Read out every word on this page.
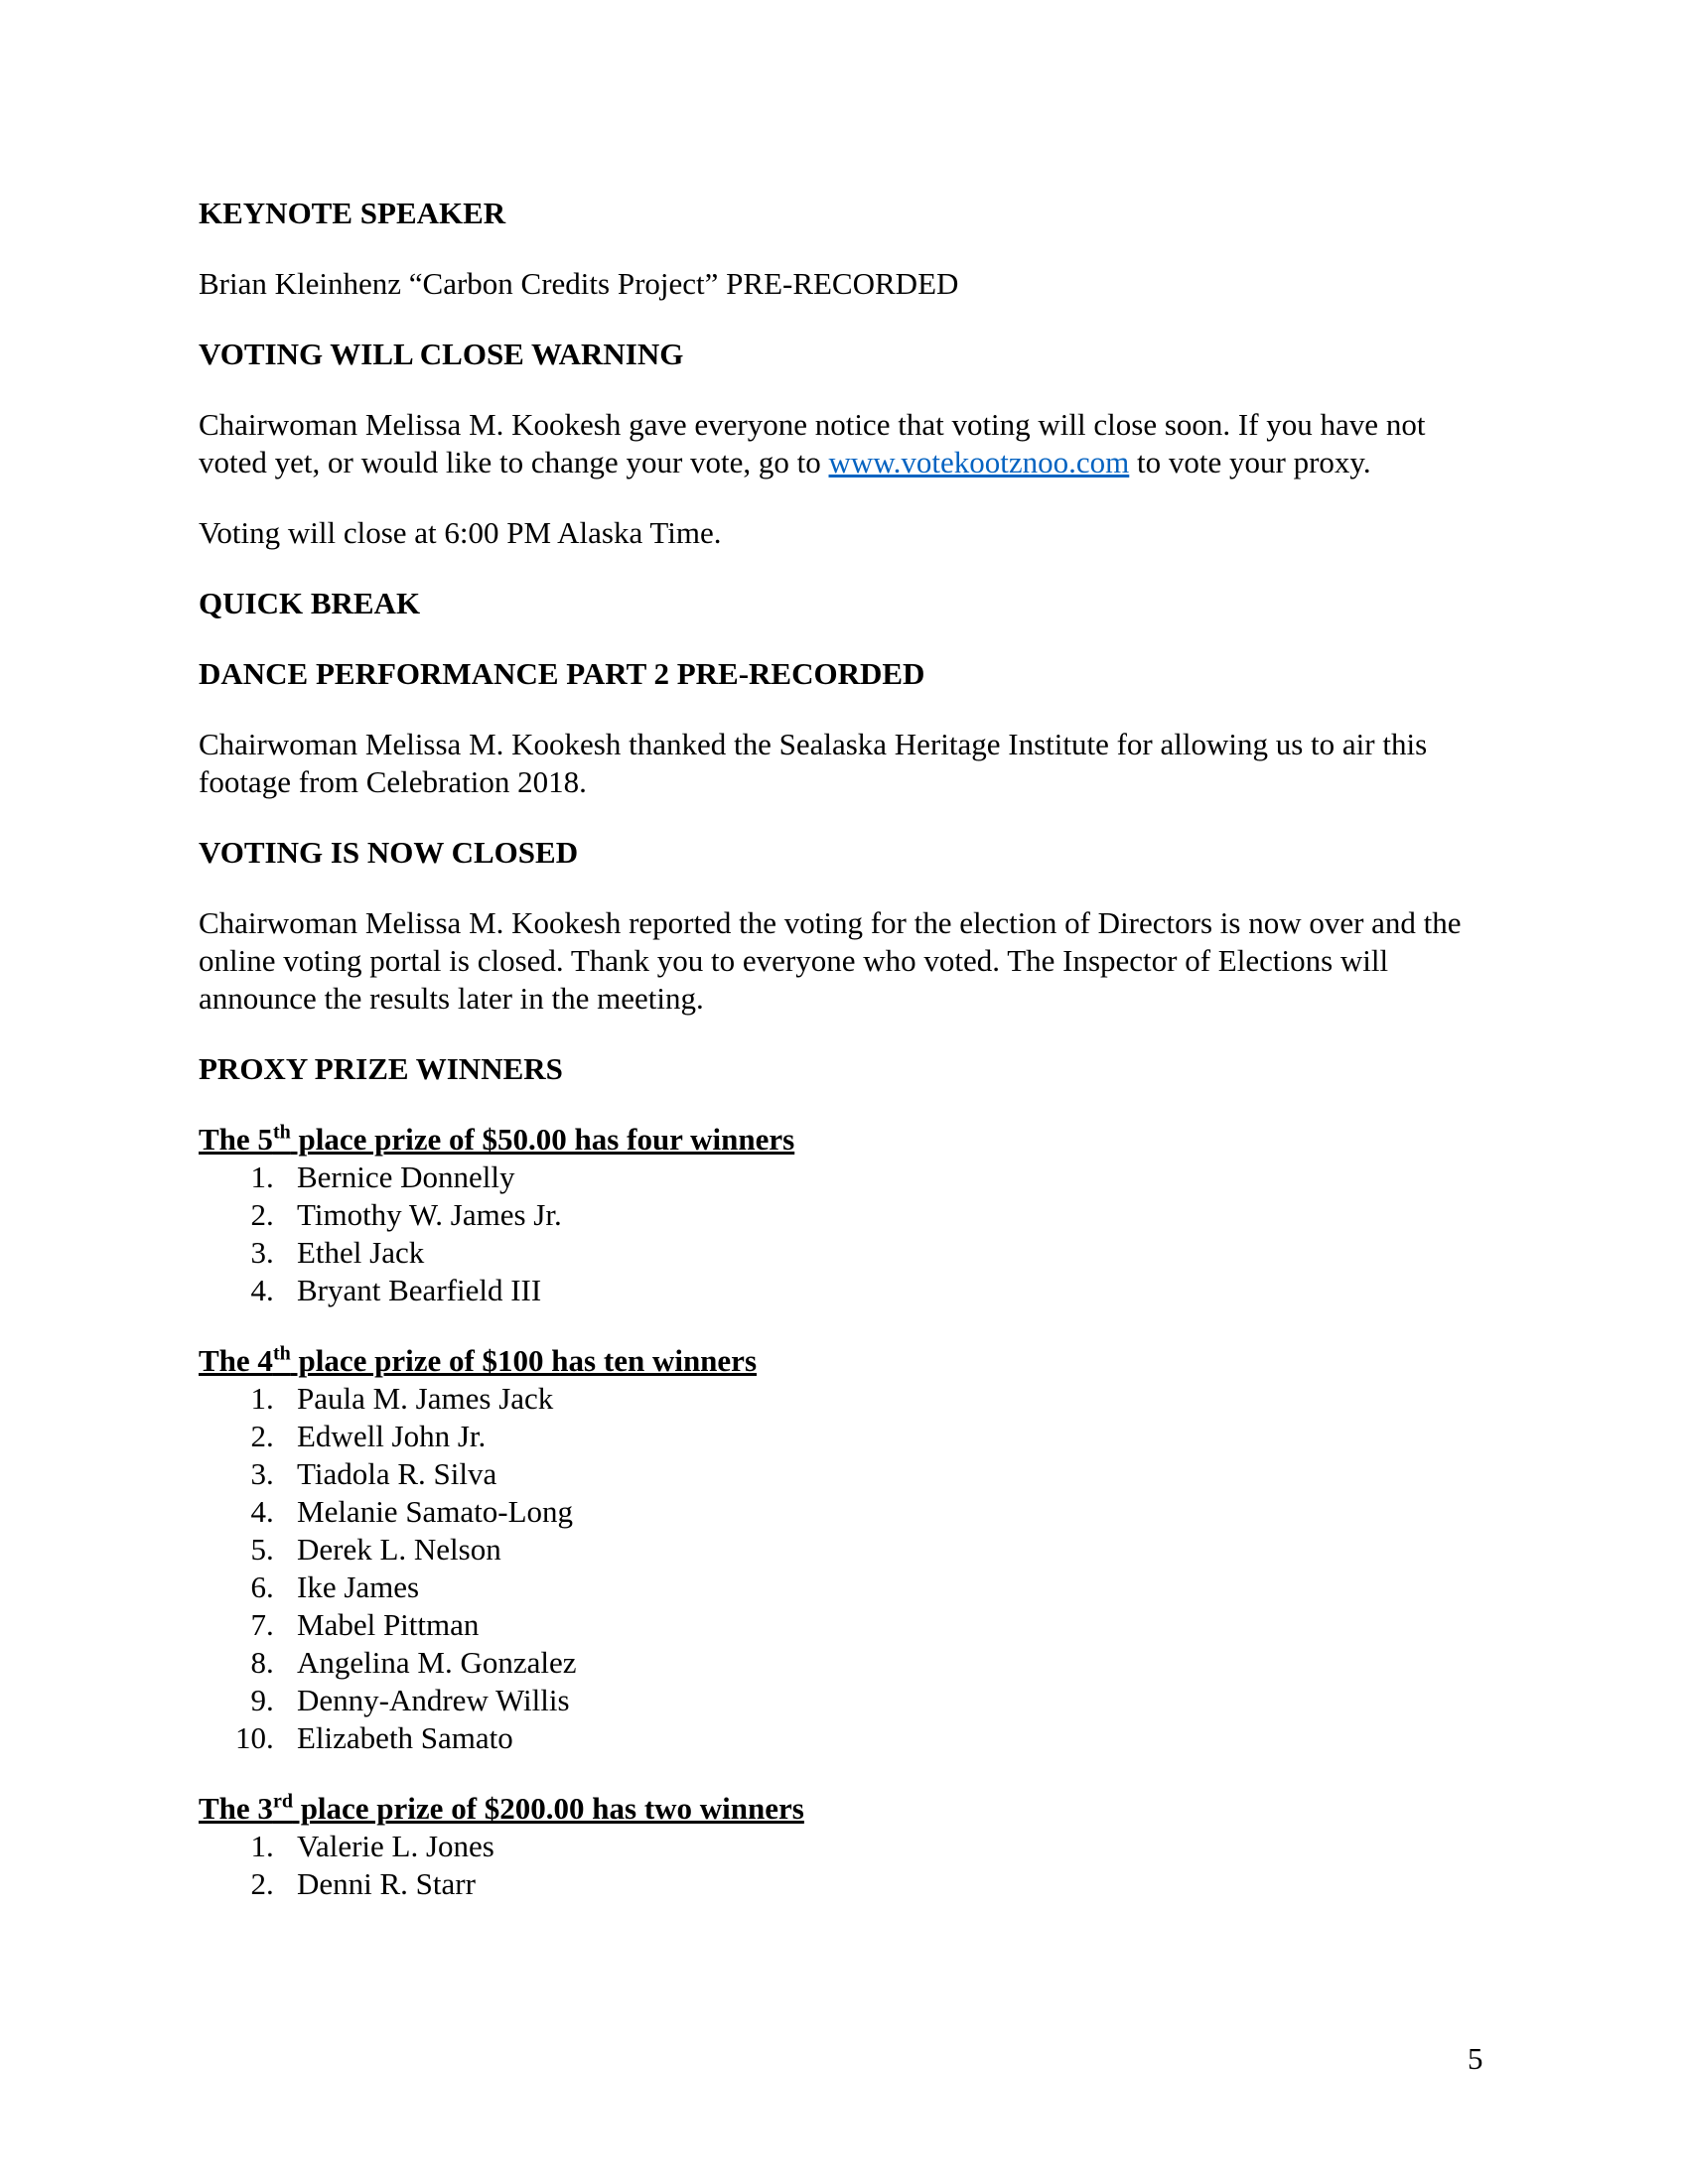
KEYNOTE SPEAKER

Brian Kleinhenz “Carbon Credits Project” PRE-RECORDED

VOTING WILL CLOSE WARNING

Chairwoman Melissa M. Kookesh gave everyone notice that voting will close soon. If you have not voted yet, or would like to change your vote, go to www.votekootznoo.com to vote your proxy.

Voting will close at 6:00 PM Alaska Time.

QUICK BREAK

DANCE PERFORMANCE PART 2 PRE-RECORDED

Chairwoman Melissa M. Kookesh thanked the Sealaska Heritage Institute for allowing us to air this footage from Celebration 2018.

VOTING IS NOW CLOSED

Chairwoman Melissa M. Kookesh reported the voting for the election of Directors is now over and the online voting portal is closed. Thank you to everyone who voted. The Inspector of Elections will announce the results later in the meeting.

PROXY PRIZE WINNERS

The 5th place prize of $50.00 has four winners

1. Bernice Donnelly
2. Timothy W. James Jr.
3. Ethel Jack
4. Bryant Bearfield III

The 4th place prize of $100 has ten winners

1. Paula M. James Jack
2. Edwell John Jr.
3. Tiadola R. Silva
4. Melanie Samato-Long
5. Derek L. Nelson
6. Ike James
7. Mabel Pittman
8. Angelina M. Gonzalez
9. Denny-Andrew Willis
10. Elizabeth Samato

The 3rd place prize of $200.00 has two winners

1. Valerie L. Jones
2. Denni R. Starr
5
